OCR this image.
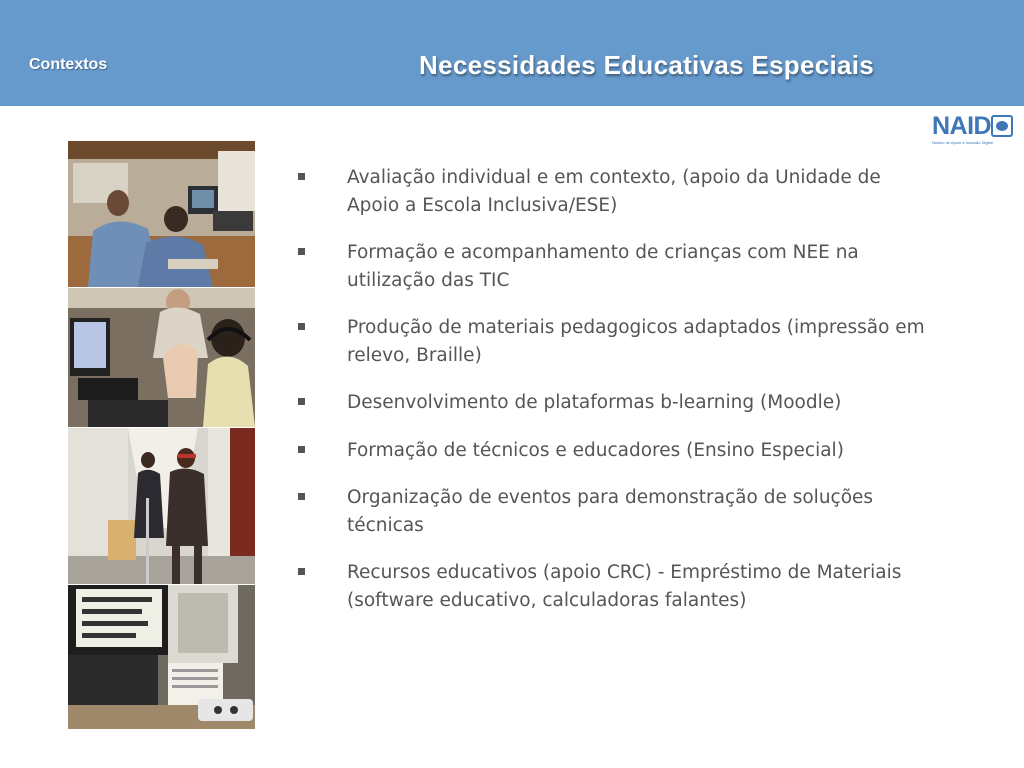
Contextos	Necessidades Educativas Especiais
NAID
Núcleo de Apoio à Inclusão Digital
Avaliação individual e em contexto, (apoio da Unidade de Apoio a Escola Inclusiva/ESE)
Formação e acompanhamento de crianças com NEE na utilização das TIC
Produção de materiais pedagogicos adaptados (impressão em relevo, Braille)
Desenvolvimento de plataformas b-learning (Moodle)
Formação de técnicos e educadores (Ensino Especial)
Organização de eventos para demonstração de soluções técnicas
Recursos educativos (apoio CRC) - Empréstimo de Materiais (software educativo, calculadoras falantes)
